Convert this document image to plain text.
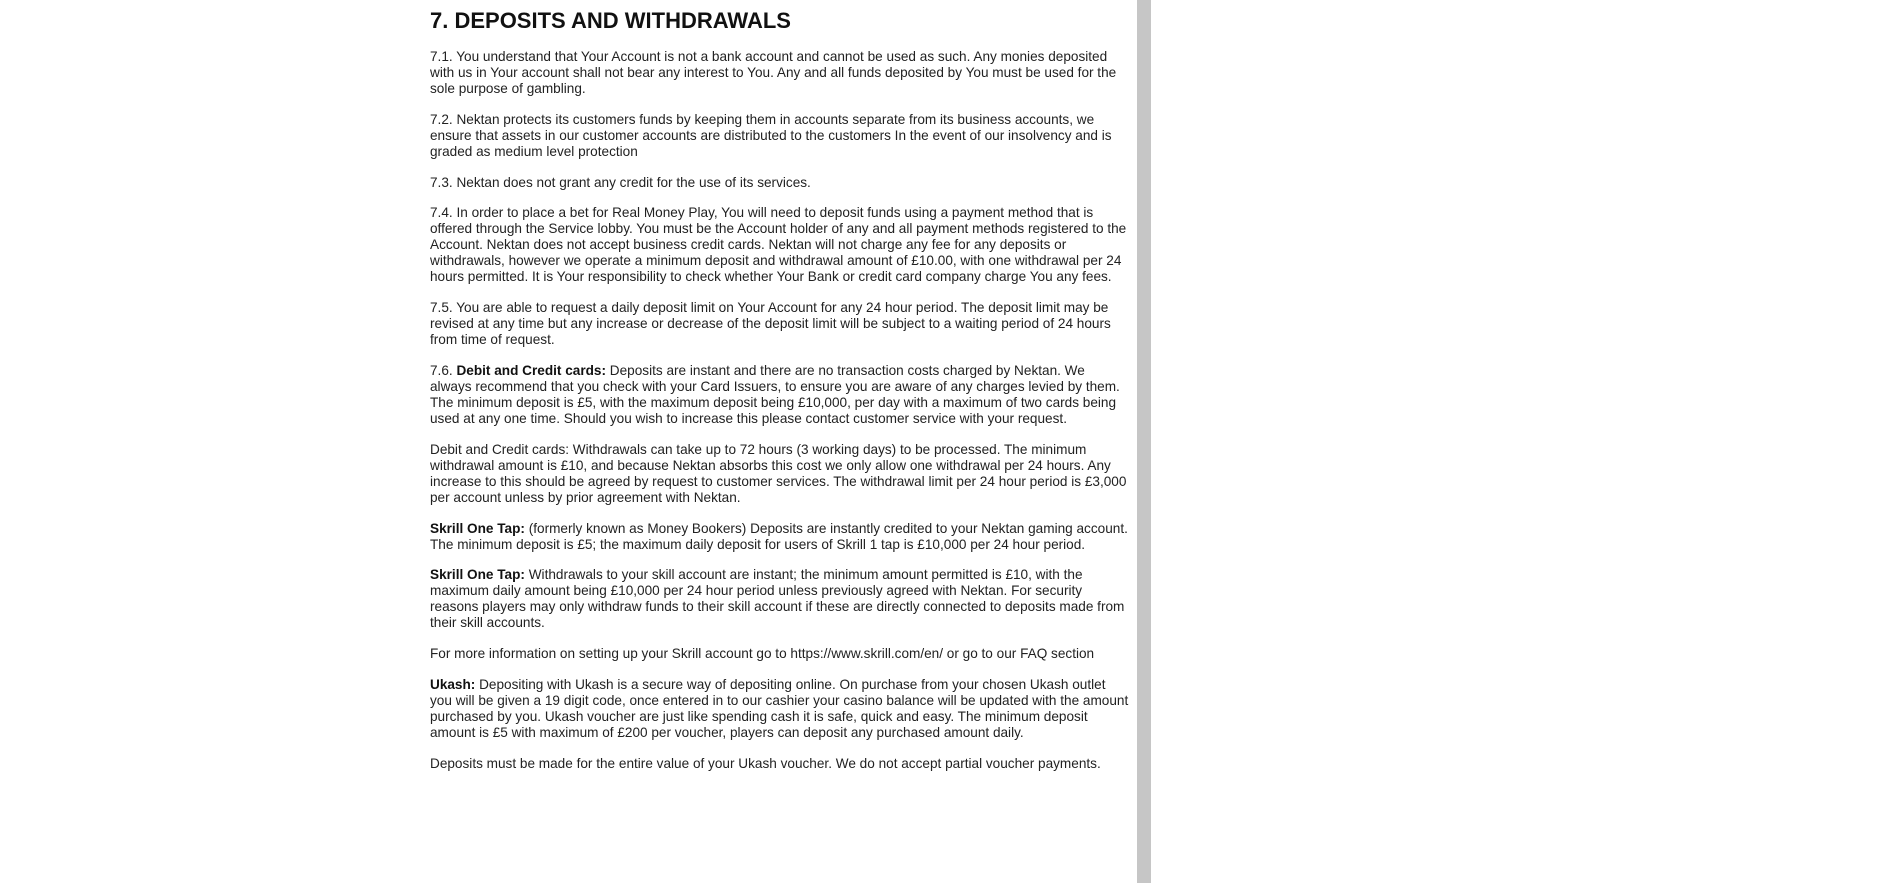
7. DEPOSITS AND WITHDRAWALS

7.1. You understand that Your Account is not a bank account and cannot be used as such. Any monies deposited with us in Your account shall not bear any interest to You. Any and all funds deposited by You must be used for the sole purpose of gambling.

7.2. Nektan protects its customers funds by keeping them in accounts separate from its business accounts, we ensure that assets in our customer accounts are distributed to the customers In the event of our insolvency and is graded as medium level protection

7.3. Nektan does not grant any credit for the use of its services.

7.4. In order to place a bet for Real Money Play, You will need to deposit funds using a payment method that is offered through the Service lobby. You must be the Account holder of any and all payment methods registered to the Account. Nektan does not accept business credit cards. Nektan will not charge any fee for any deposits or withdrawals, however we operate a minimum deposit and withdrawal amount of £10.00, with one withdrawal per 24 hours permitted. It is Your responsibility to check whether Your Bank or credit card company charge You any fees.

7.5. You are able to request a daily deposit limit on Your Account for any 24 hour period. The deposit limit may be revised at any time but any increase or decrease of the deposit limit will be subject to a waiting period of 24 hours from time of request.

7.6. Debit and Credit cards: Deposits are instant and there are no transaction costs charged by Nektan. We always recommend that you check with your Card Issuers, to ensure you are aware of any charges levied by them. The minimum deposit is £5, with the maximum deposit being £10,000, per day with a maximum of two cards being used at any one time. Should you wish to increase this please contact customer service with your request.

Debit and Credit cards: Withdrawals can take up to 72 hours (3 working days) to be processed. The minimum withdrawal amount is £10, and because Nektan absorbs this cost we only allow one withdrawal per 24 hours. Any increase to this should be agreed by request to customer services. The withdrawal limit per 24 hour period is £3,000 per account unless by prior agreement with Nektan.

Skrill One Tap: (formerly known as Money Bookers) Deposits are instantly credited to your Nektan gaming account. The minimum deposit is £5; the maximum daily deposit for users of Skrill 1 tap is £10,000 per 24 hour period.

Skrill One Tap: Withdrawals to your skill account are instant; the minimum amount permitted is £10, with the maximum daily amount being £10,000 per 24 hour period unless previously agreed with Nektan. For security reasons players may only withdraw funds to their skill account if these are directly connected to deposits made from their skill accounts.

For more information on setting up your Skrill account go to https://www.skrill.com/en/ or go to our FAQ section

Ukash: Depositing with Ukash is a secure way of depositing online. On purchase from your chosen Ukash outlet you will be given a 19 digit code, once entered in to our cashier your casino balance will be updated with the amount purchased by you. Ukash voucher are just like spending cash it is safe, quick and easy. The minimum deposit amount is £5 with maximum of £200 per voucher, players can deposit any purchased amount daily.

Deposits must be made for the entire value of your Ukash voucher. We do not accept partial voucher payments.
